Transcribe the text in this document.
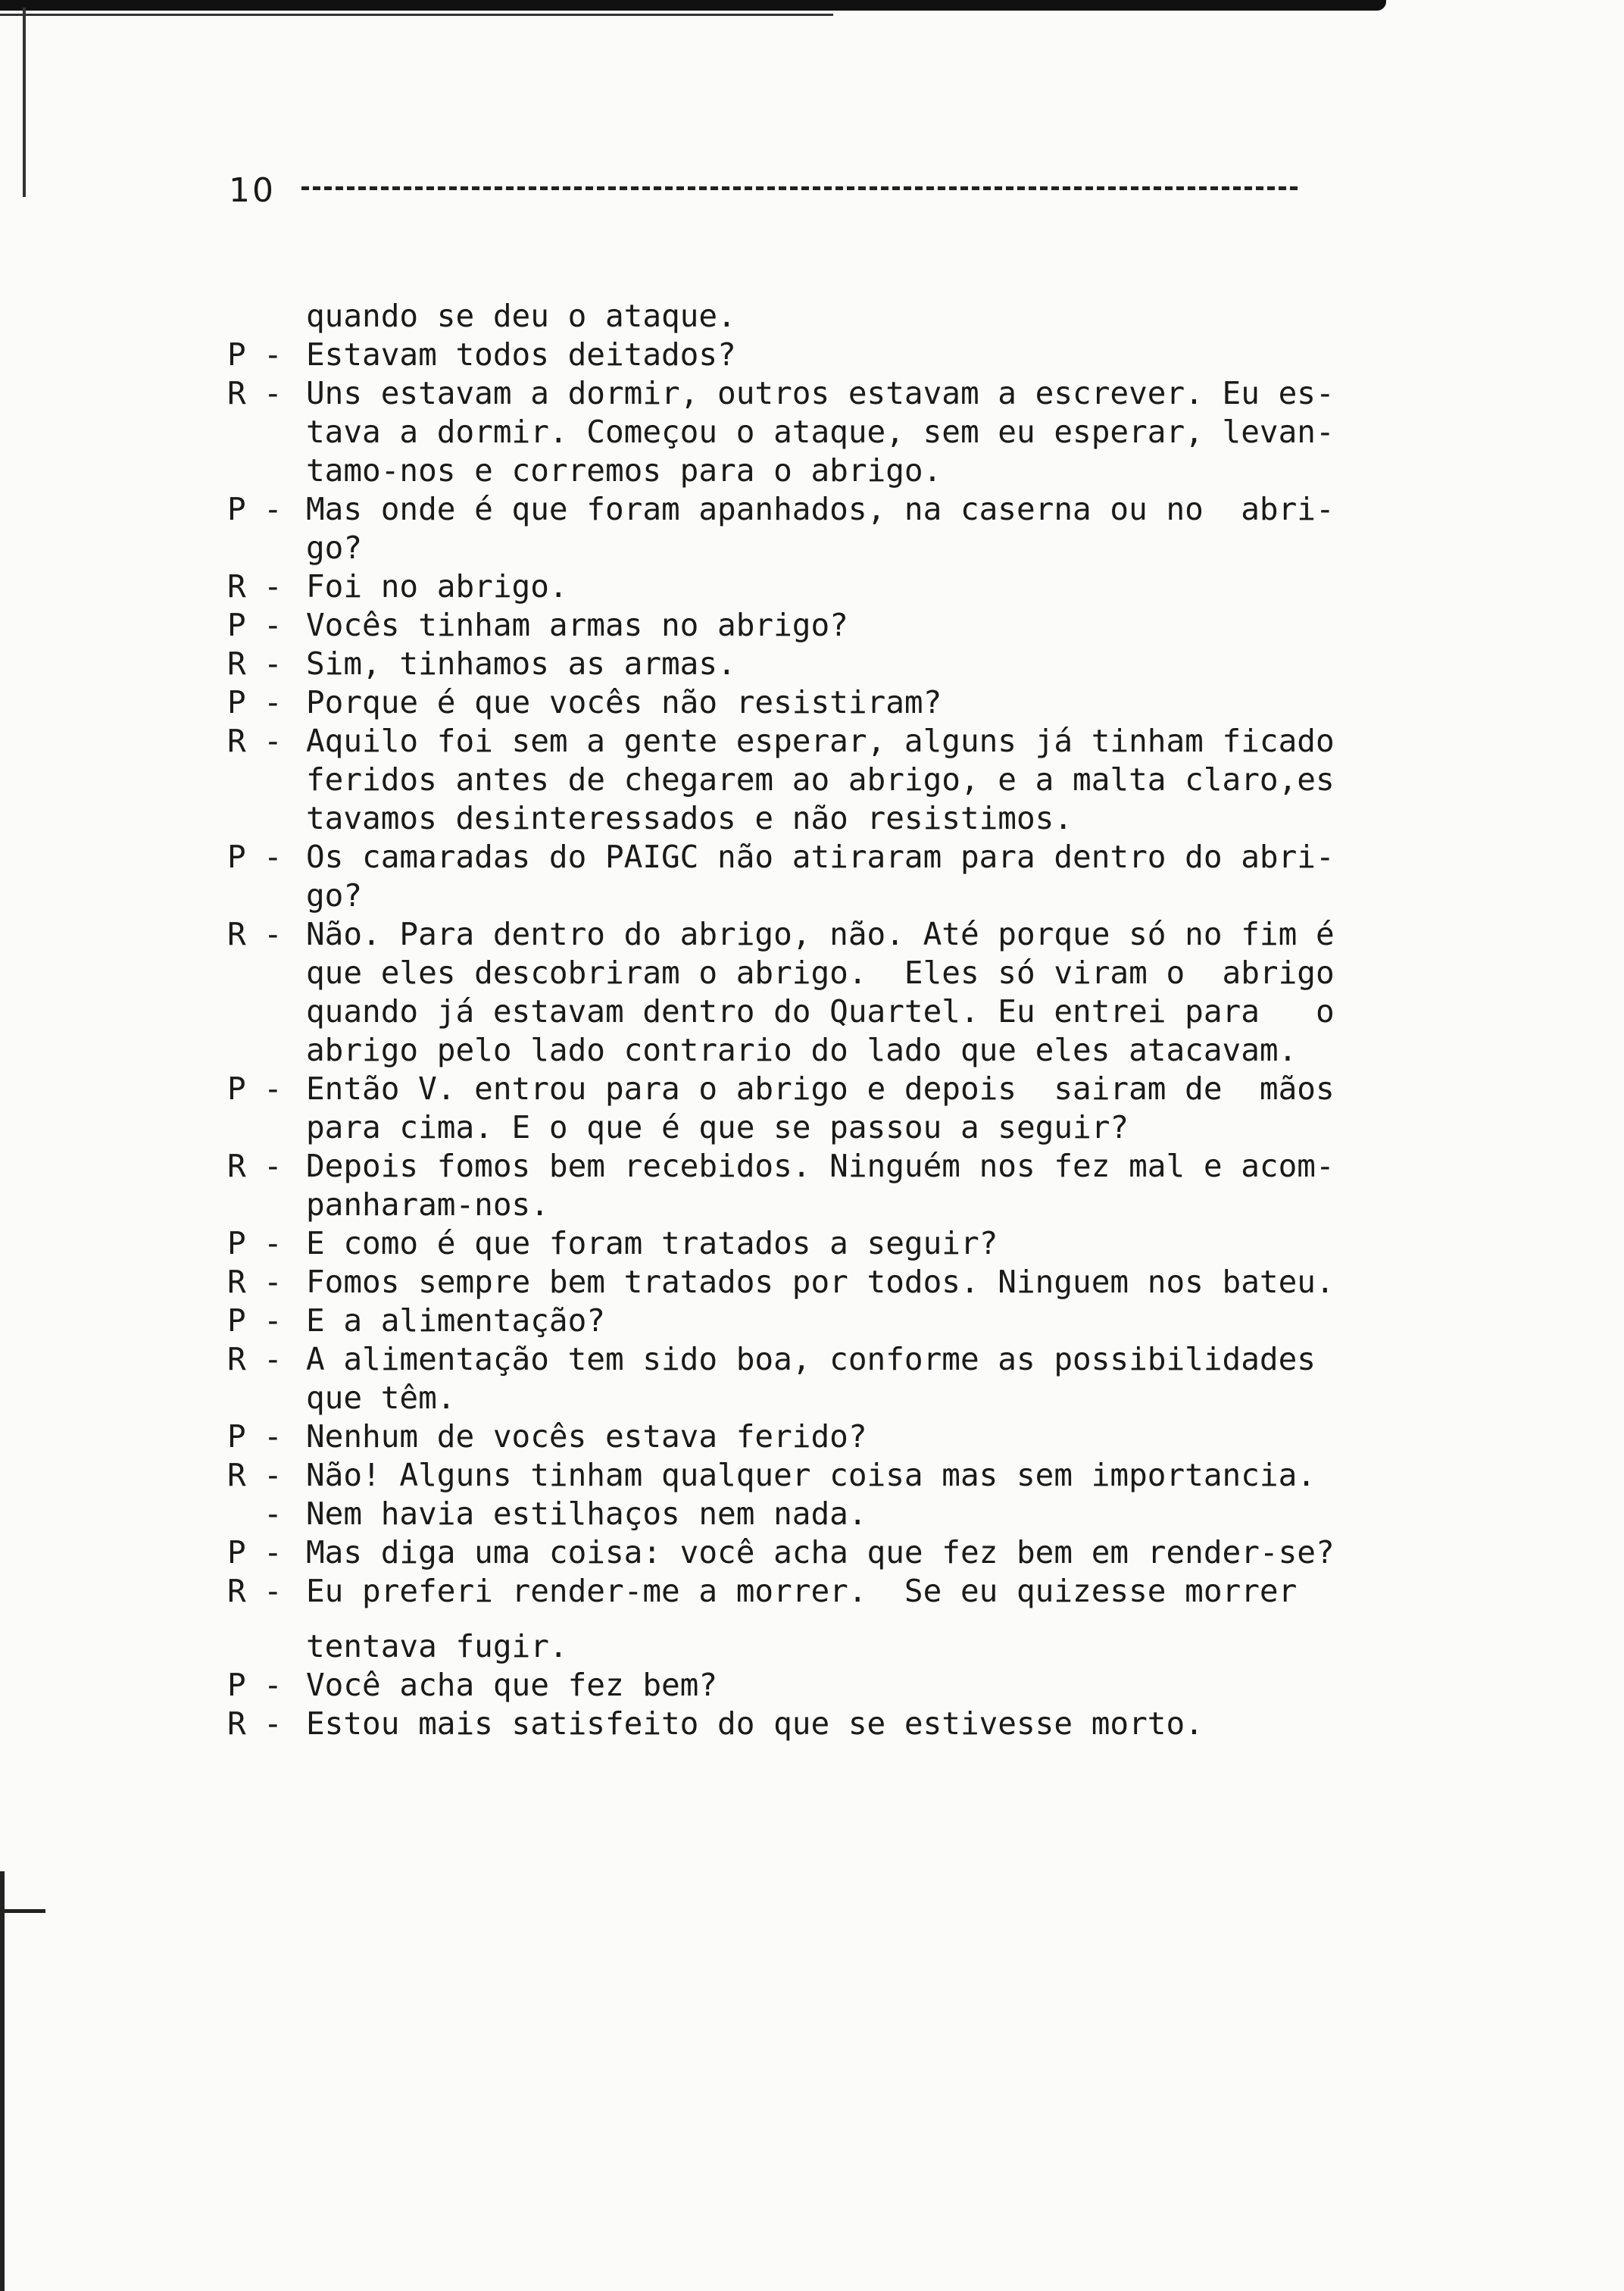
10
quando se deu o ataque.
P - Estavam todos deitados?
R - Uns estavam a dormir, outros estavam a escrever. Eu es-
tava a dormir. Começou o ataque, sem eu esperar, levan-
tamo-nos e corremos para o abrigo.
P - Mas onde é que foram apanhados, na caserna ou no  abri-
go?
R - Foi no abrigo.
P - Vocês tinham armas no abrigo?
R - Sim, tinhamos as armas.
P - Porque é que vocês não resistiram?
R - Aquilo foi sem a gente esperar, alguns já tinham ficado
feridos antes de chegarem ao abrigo, e a malta claro,es
tavamos desinteressados e não resistimos.
P - Os camaradas do PAIGC não atiraram para dentro do abri-
go?
R - Não. Para dentro do abrigo, não. Até porque só no fim é
que eles descobriram o abrigo.  Eles só viram o  abrigo
quando já estavam dentro do Quartel. Eu entrei para   o
abrigo pelo lado contrario do lado que eles atacavam.
P - Então V. entrou para o abrigo e depois  sairam de  mãos
para cima. E o que é que se passou a seguir?
R - Depois fomos bem recebidos. Ninguém nos fez mal e acom-
panharam-nos.
P - E como é que foram tratados a seguir?
R - Fomos sempre bem tratados por todos. Ninguem nos bateu.
P - E a alimentação?
R - A alimentação tem sido boa, conforme as possibilidades
que têm.
P - Nenhum de vocês estava ferido?
R - Não! Alguns tinham qualquer coisa mas sem importancia.
- Nem havia estilhaços nem nada.
P - Mas diga uma coisa: você acha que fez bem em render-se?
R - Eu preferi render-me a morrer.  Se eu quizesse morrer
tentava fugir.
P - Você acha que fez bem?
R - Estou mais satisfeito do que se estivesse morto.
